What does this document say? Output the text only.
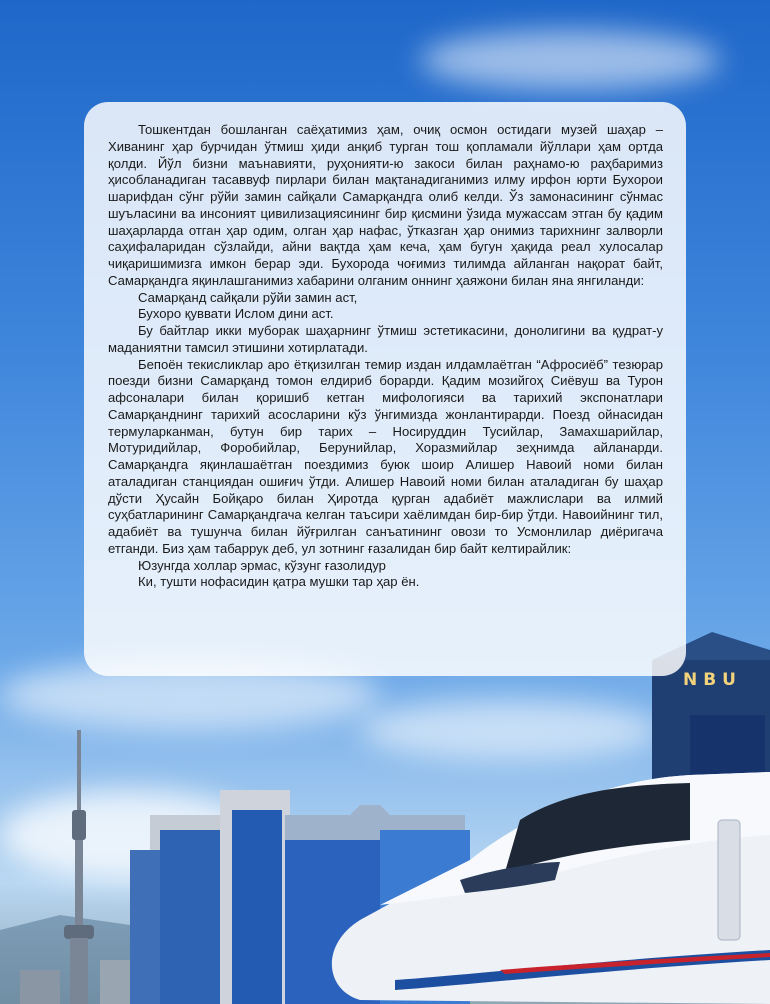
NBU

Тошкентдан бошланган саёҳатимиз ҳам, очиқ осмон остидаги музей шаҳар – Хиванинг ҳар бурчидан ўтмиш ҳиди анқиб турган тош қопламали йўллари ҳам ортда қолди. Йўл бизни маънавияти, руҳонияти-ю закоси билан раҳнамо-ю раҳбаримиз ҳисобланадиган тасаввуф пирлари билан мақтанадиганимиз илму ирфон юрти Бухорои шарифдан сўнг рўйи замин сайқали Самарқандга олиб келди. Ўз замонасининг сўнмас шуъласини ва инсоният цивилизациясининг бир қисмини ўзида мужассам этган бу қадим шаҳарларда отган ҳар одим, олган ҳар нафас, ўтказган ҳар онимиз тарихнинг залворли саҳифаларидан сўзлайди, айни вақтда ҳам кеча, ҳам бугун ҳақида реал хулосалар чиқаришимизга имкон берар эди. Бухорода чоғимиз тилимда айланган нақорат байт, Самарқандга яқинлашганимиз хабарини олганим оннинг ҳаяжони билан яна янгиланди:

Самарқанд сайқали рўйи замин аст,

Бухоро қуввати Ислом дини аст.

Бу байтлар икки муборак шаҳарнинг ўтмиш эстетикасини, донолигини ва қудрат-у маданиятни тамсил этишини хотирлатади.

Бепоён текисликлар аро ётқизилган темир издан илдамлаётган “Афросиёб” тезюрар поезди бизни Самарқанд томон елдириб борарди. Қадим мозийгоҳ Сиёвуш ва Турон афсоналари билан қоришиб кетган мифологияси ва тарихий экспонатлари Самарқанднинг тарихий асосларини кўз ўнгимизда жонлантирарди. Поезд ойнасидан термуларканман, бутун бир тарих – Носируддин Тусийлар, Замахшарийлар, Мотуридийлар, Форобийлар, Берунийлар, Хоразмийлар зеҳнимда айланарди. Самарқандга яқинлашаётган поездимиз буюк шоир Алишер Навоий номи билан аталадиган станциядан ошиғич ўтди. Алишер Навоий номи билан аталадиган бу шаҳар дўсти Ҳусайн Бойқаро билан Ҳиротда қурган адабиёт мажлислари ва илмий суҳбатларининг Самарқандгача келган таъсири хаёлимдан бир-бир ўтди. Навоийнинг тил, адабиёт ва тушунча билан йўғрилган санъатининг овози то Усмонлилар диёригача етганди. Биз ҳам табаррук деб, ул зотнинг ғазалидан бир байт келтирайлик:

Юзунгда холлар эрмас, кўзунг ғазолидур

Ки, тушти нофасидин қатра мушки тар ҳар ён.
